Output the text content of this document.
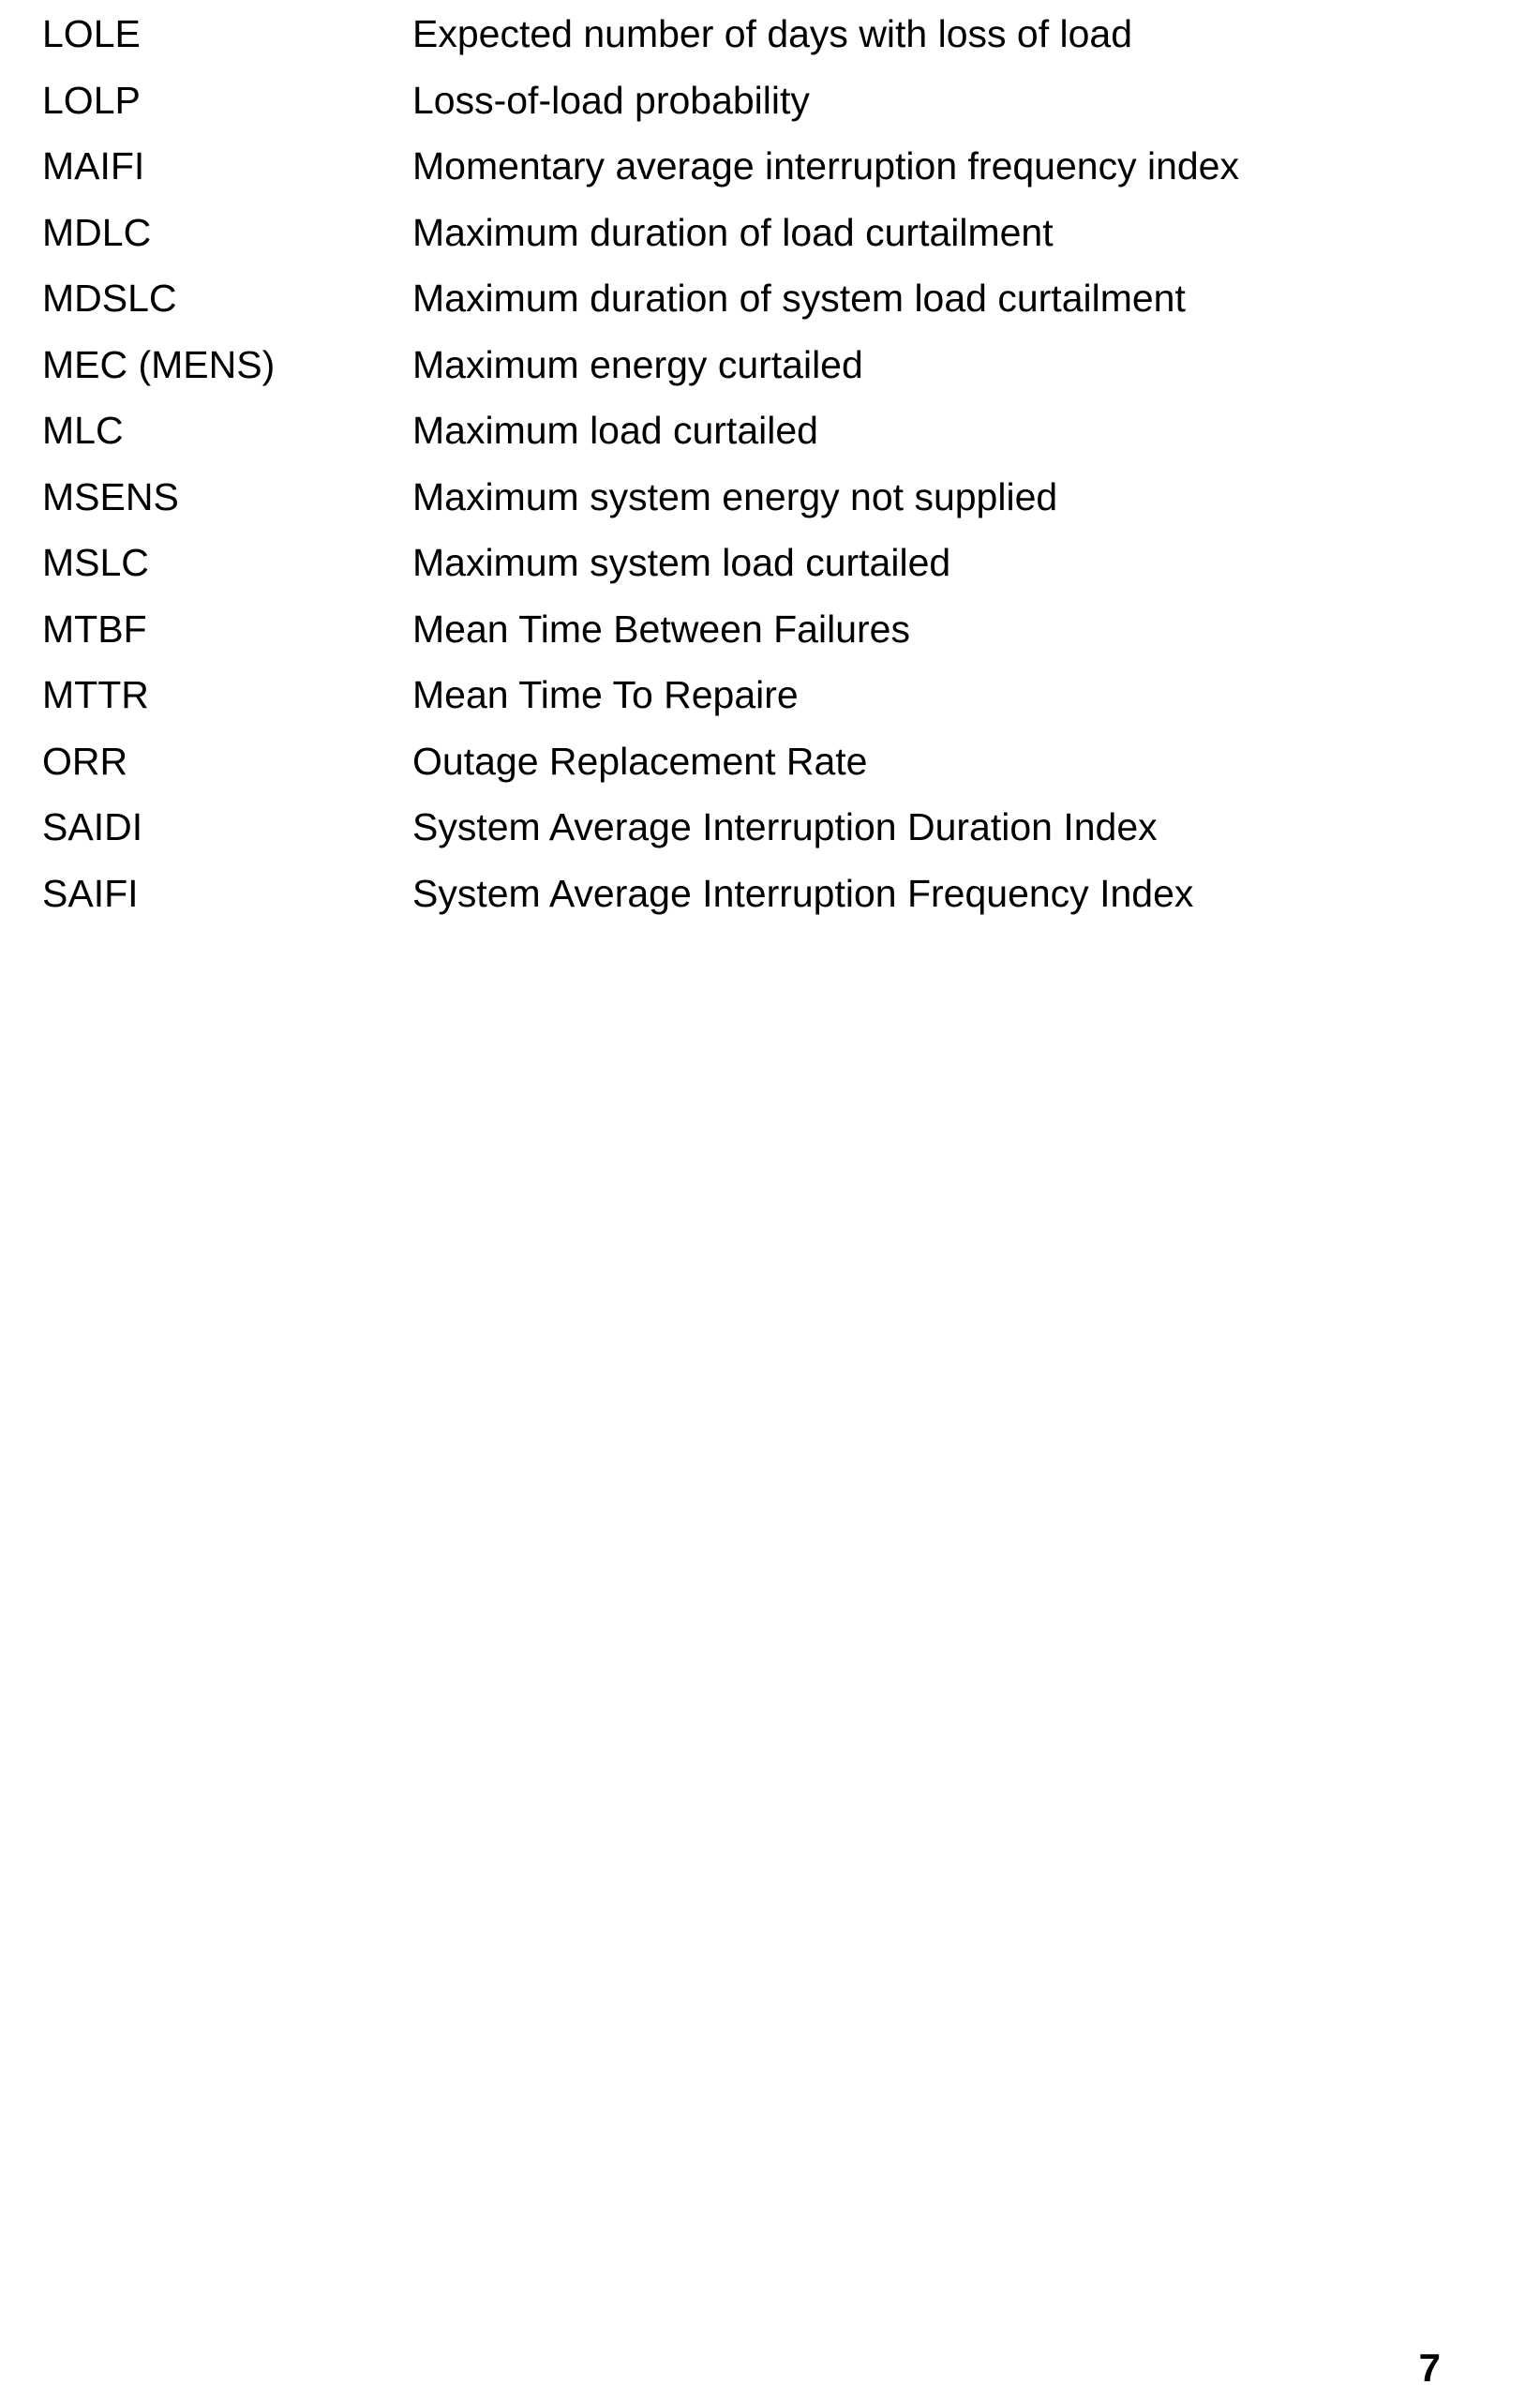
LOLE	Expected number of days with loss of load
LOLP	Loss-of-load probability
MAIFI	Momentary average interruption frequency index
MDLC	Maximum duration of load curtailment
MDSLC	Maximum duration of system load curtailment
MEC (MENS)	Maximum energy curtailed
MLC	Maximum load curtailed
MSENS	Maximum system energy not supplied
MSLC	Maximum system load curtailed
MTBF	Mean Time Between Failures
MTTR	Mean Time To Repaire
ORR	Outage Replacement Rate
SAIDI	System Average Interruption Duration Index
SAIFI	System Average Interruption Frequency Index
7
